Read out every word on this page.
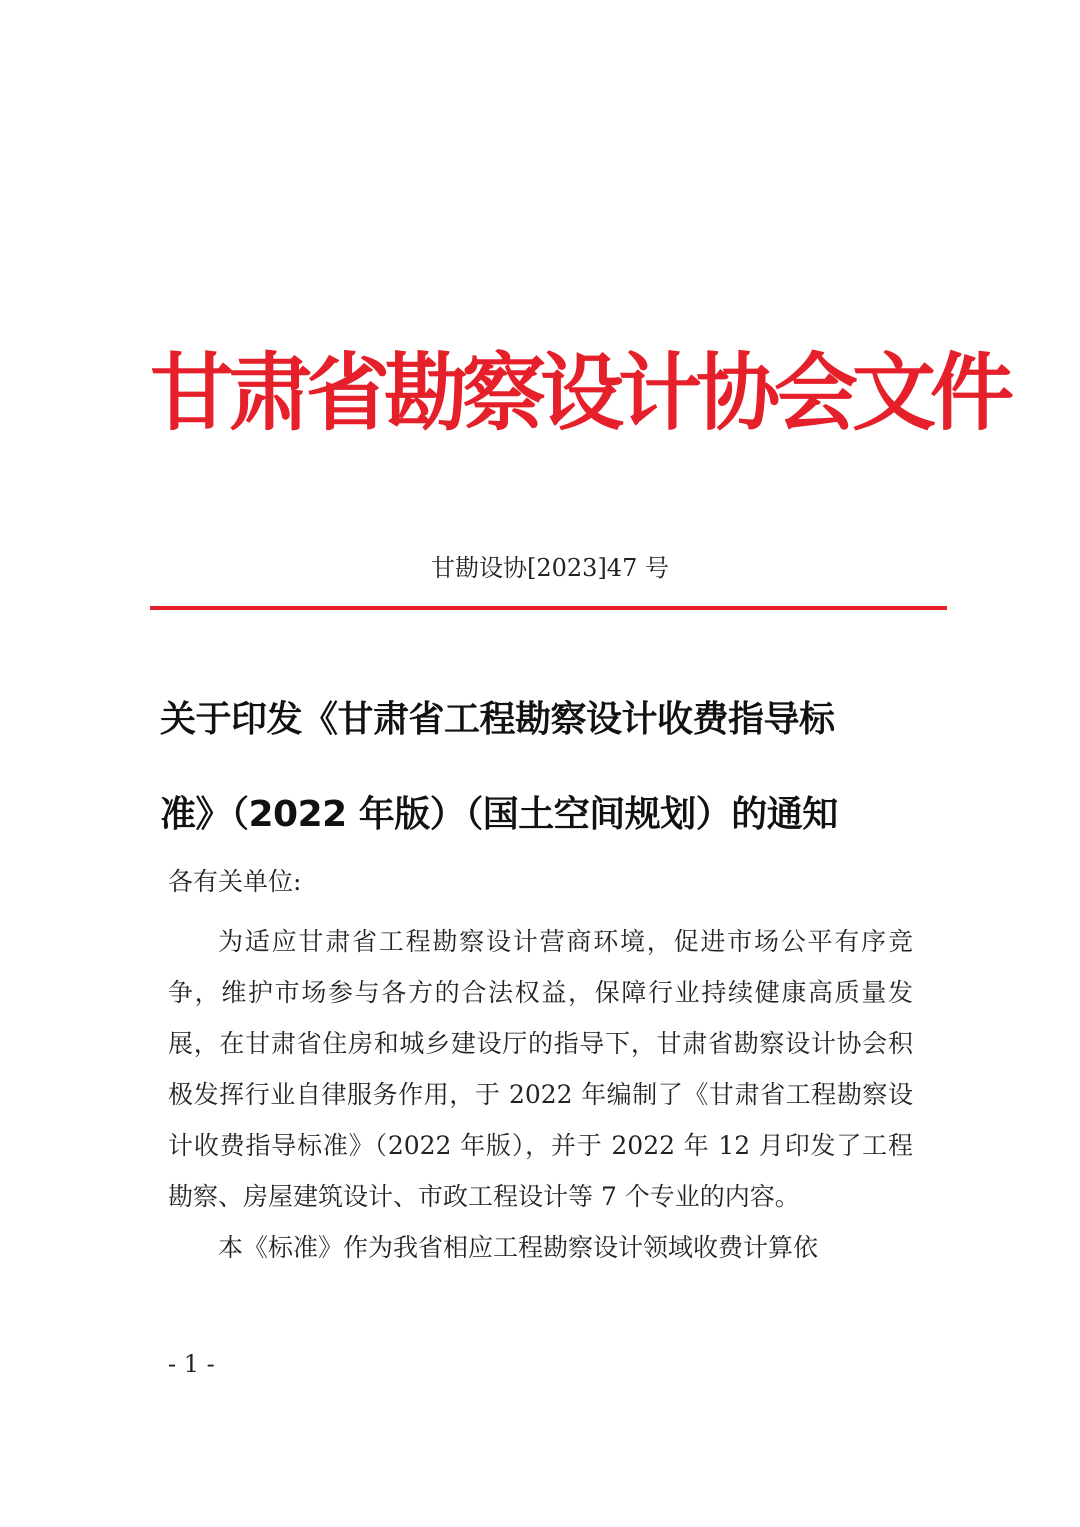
甘肃省勘察设计协会文件
甘勘设协[2023]47 号
关于印发《甘肃省工程勘察设计收费指导标
准》（2022 年版）（国土空间规划）的通知

各有关单位:

为适应甘肃省工程勘察设计营商环境，促进市场公平有序竞争，维护市场参与各方的合法权益，保障行业持续健康高质量发展，在甘肃省住房和城乡建设厅的指导下，甘肃省勘察设计协会积极发挥行业自律服务作用，于 2022 年编制了《甘肃省工程勘察设计收费指导标准》（2022 年版），并于 2022 年 12 月印发了工程勘察、房屋建筑设计、市政工程设计等 7 个专业的内容。

本《标准》作为我省相应工程勘察设计领域收费计算依

- 1 -
